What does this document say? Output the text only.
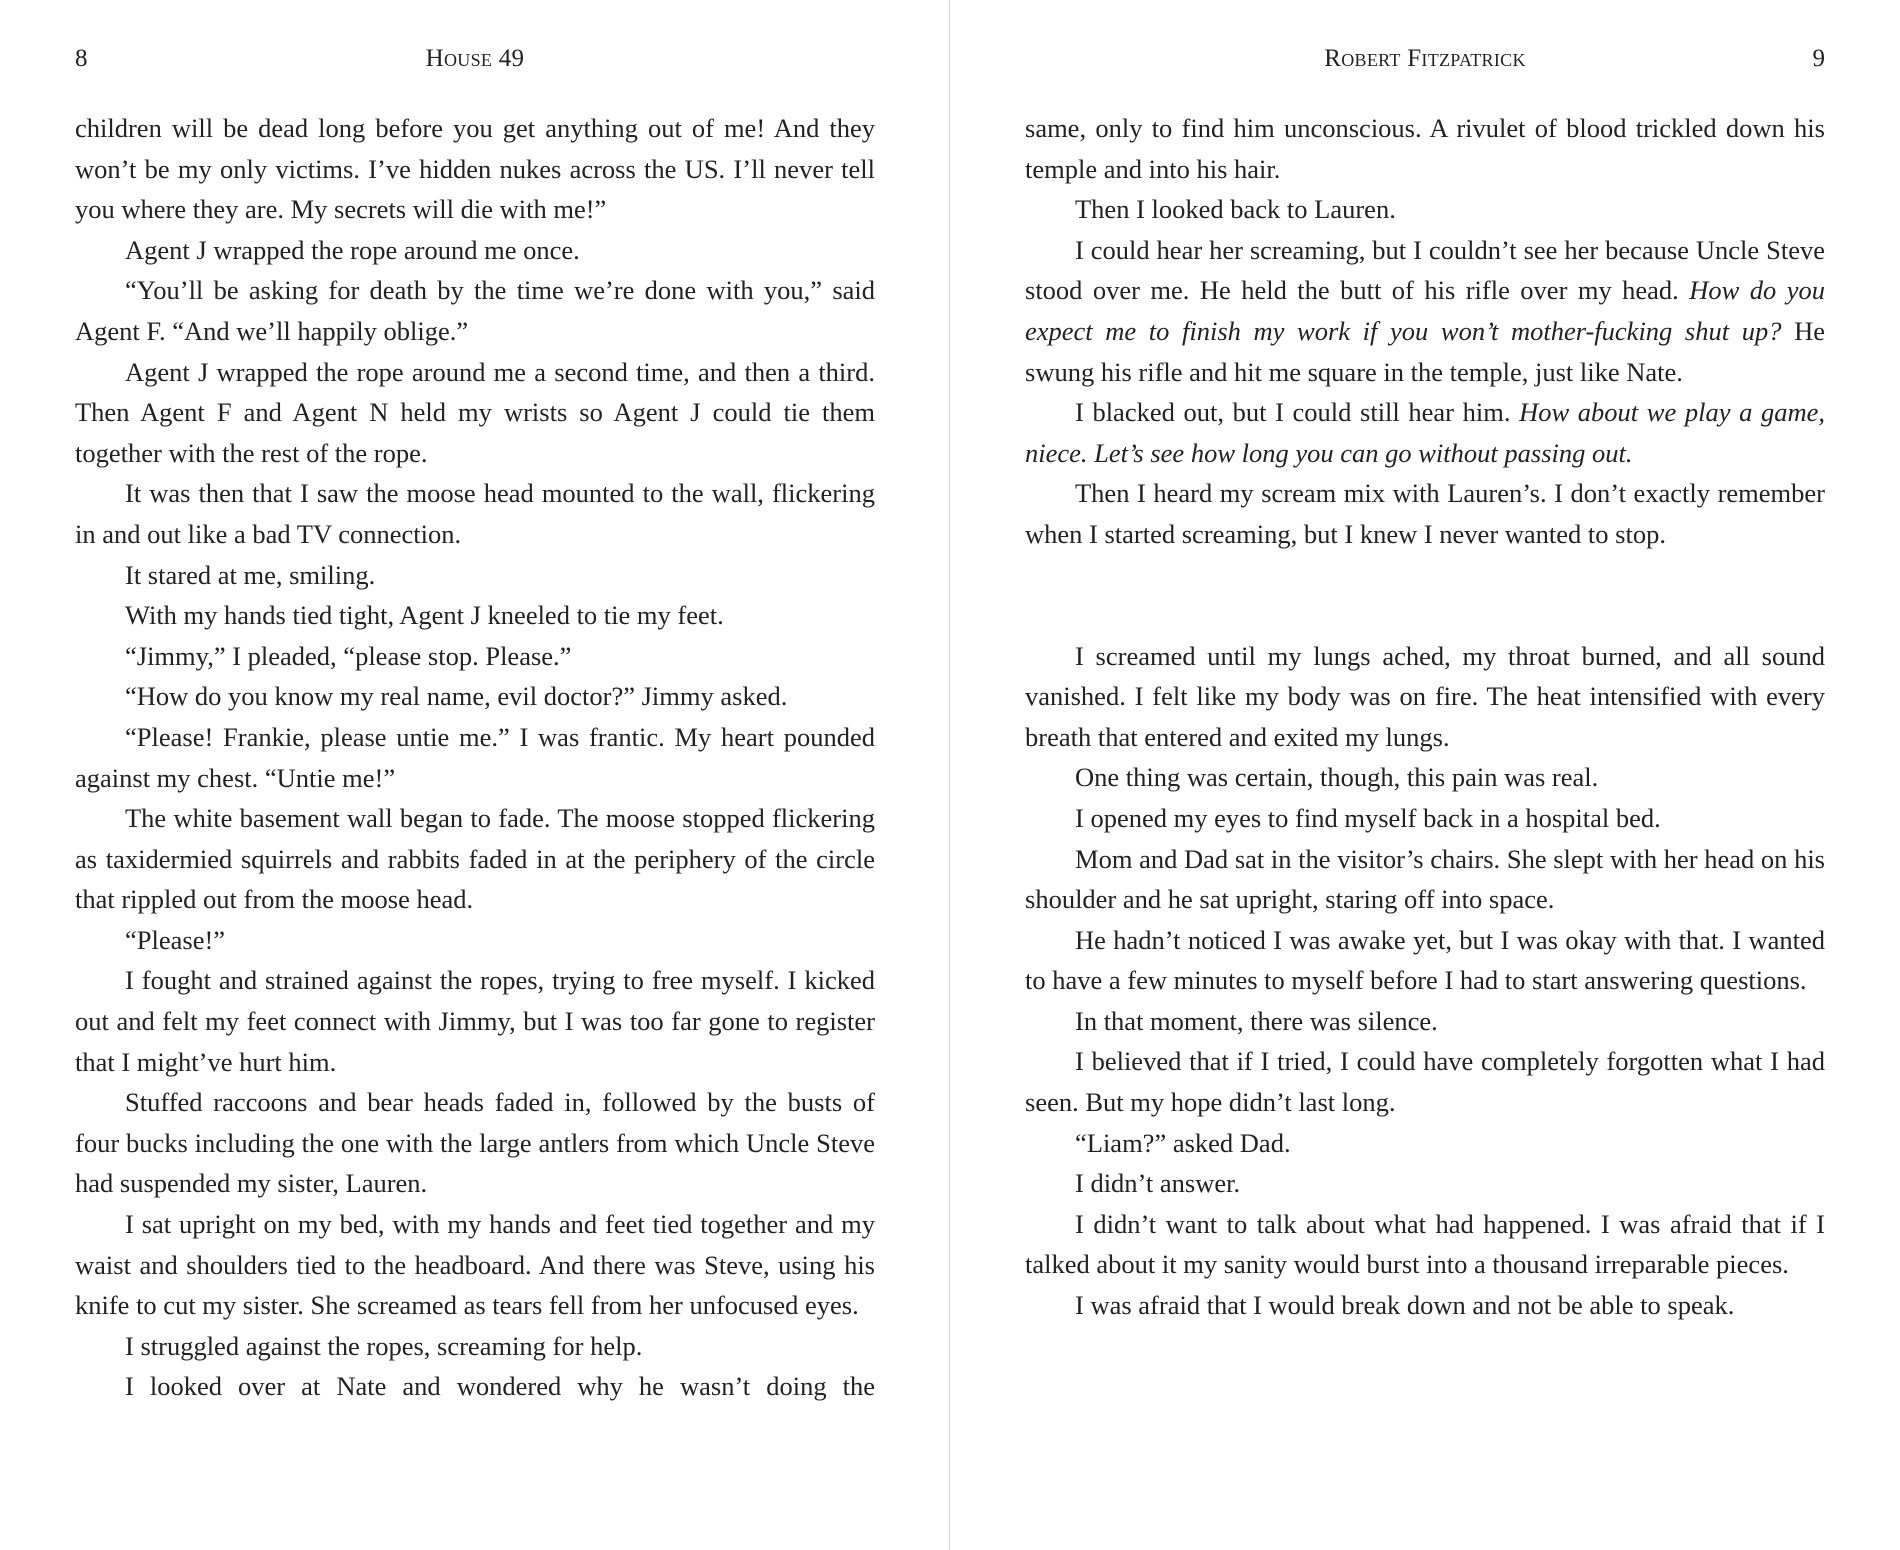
House 49
8

children will be dead long before you get anything out of me! And they won’t be my only victims. I’ve hidden nukes across the US. I’ll never tell you where they are. My secrets will die with me!”

Agent J wrapped the rope around me once.

“You’ll be asking for death by the time we’re done with you,” said Agent F. “And we’ll happily oblige.”

Agent J wrapped the rope around me a second time, and then a third. Then Agent F and Agent N held my wrists so Agent J could tie them together with the rest of the rope.

It was then that I saw the moose head mounted to the wall, flickering in and out like a bad TV connection.

It stared at me, smiling.

With my hands tied tight, Agent J kneeled to tie my feet.

“Jimmy,” I pleaded, “please stop. Please.”

“How do you know my real name, evil doctor?” Jimmy asked.

“Please! Frankie, please untie me.” I was frantic. My heart pounded against my chest. “Untie me!”

The white basement wall began to fade. The moose stopped flickering as taxidermied squirrels and rabbits faded in at the periphery of the circle that rippled out from the moose head.

“Please!”

I fought and strained against the ropes, trying to free myself. I kicked out and felt my feet connect with Jimmy, but I was too far gone to register that I might’ve hurt him.

Stuffed raccoons and bear heads faded in, followed by the busts of four bucks including the one with the large antlers from which Uncle Steve had suspended my sister, Lauren.

I sat upright on my bed, with my hands and feet tied together and my waist and shoulders tied to the headboard. And there was Steve, using his knife to cut my sister. She screamed as tears fell from her unfocused eyes.

I struggled against the ropes, screaming for help.

I looked over at Nate and wondered why he wasn’t doing the

Robert Fitzpatrick	9

same, only to find him unconscious. A rivulet of blood trickled down his temple and into his hair.

Then I looked back to Lauren.

I could hear her screaming, but I couldn’t see her because Uncle Steve stood over me. He held the butt of his rifle over my head. How do you expect me to finish my work if you won’t mother-fucking shut up? He swung his rifle and hit me square in the temple, just like Nate.

I blacked out, but I could still hear him. How about we play a game, niece. Let’s see how long you can go without passing out.

Then I heard my scream mix with Lauren’s. I don’t exactly remember when I started screaming, but I knew I never wanted to stop.

I screamed until my lungs ached, my throat burned, and all sound vanished. I felt like my body was on fire. The heat intensified with every breath that entered and exited my lungs.

One thing was certain, though, this pain was real.

I opened my eyes to find myself back in a hospital bed.

Mom and Dad sat in the visitor’s chairs. She slept with her head on his shoulder and he sat upright, staring off into space.

He hadn’t noticed I was awake yet, but I was okay with that. I wanted to have a few minutes to myself before I had to start answering questions.

In that moment, there was silence.

I believed that if I tried, I could have completely forgotten what I had seen. But my hope didn’t last long.

“Liam?” asked Dad.

I didn’t answer.

I didn’t want to talk about what had happened. I was afraid that if I talked about it my sanity would burst into a thousand irreparable pieces.

I was afraid that I would break down and not be able to speak.
